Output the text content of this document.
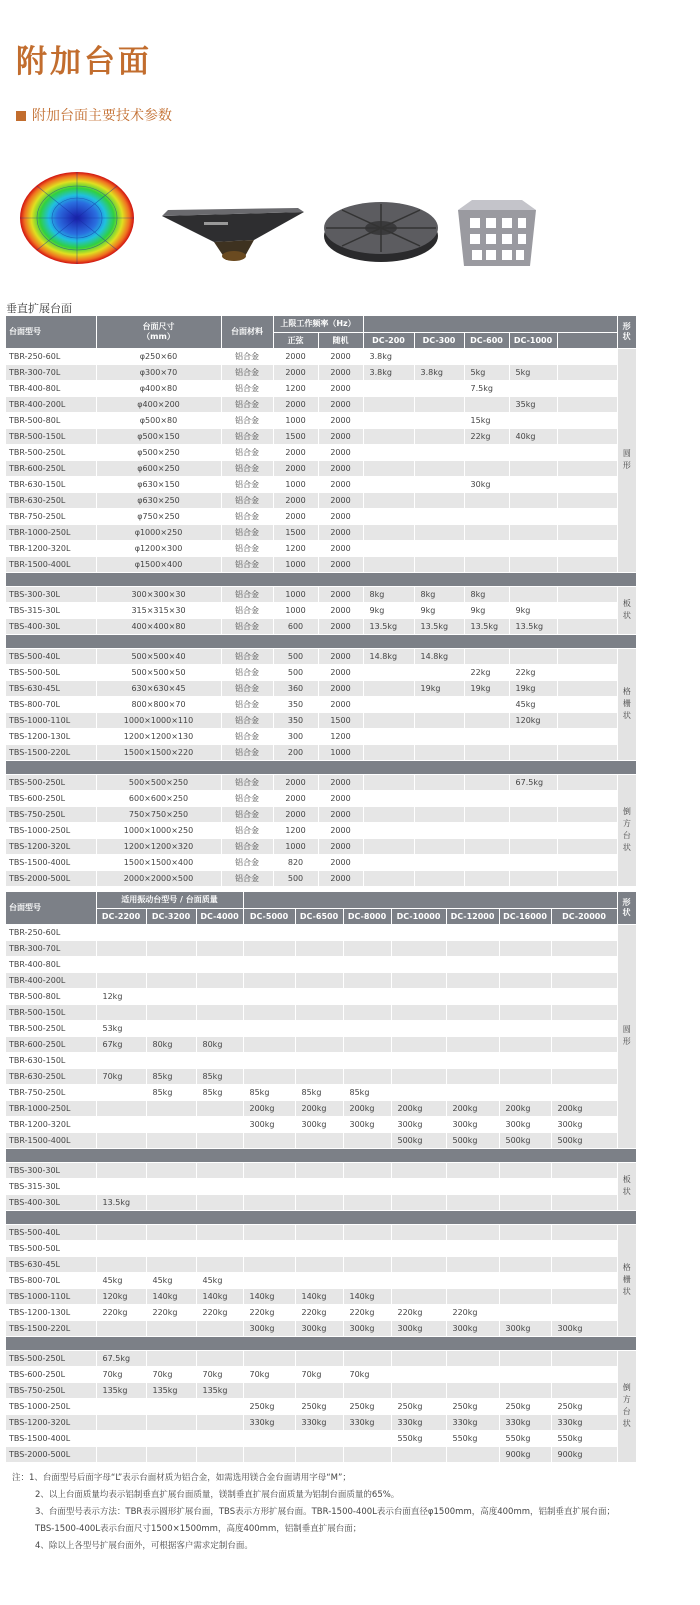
附加台面
附加台面主要技术参数
垂直扩展台面
台面型号	台面尺寸
（mm）	台面材料	上限工作频率（Hz）							形
状
			正弦	随机	DC-200	DC-300	DC-600	DC-1000		
TBR-250-60L	φ250×60	铝合金	2000	2000	3.8kg					圆
形
TBR-300-70L	φ300×70	铝合金	2000	2000	3.8kg	3.8kg	5kg	5kg		
TBR-400-80L	φ400×80	铝合金	1200	2000			7.5kg			
TBR-400-200L	φ400×200	铝合金	2000	2000				35kg		
TBR-500-80L	φ500×80	铝合金	1000	2000			15kg			
TBR-500-150L	φ500×150	铝合金	1500	2000			22kg	40kg		
TBR-500-250L	φ500×250	铝合金	2000	2000						
TBR-600-250L	φ600×250	铝合金	2000	2000						
TBR-630-150L	φ630×150	铝合金	1000	2000			30kg			
TBR-630-250L	φ630×250	铝合金	2000	2000						
TBR-750-250L	φ750×250	铝合金	2000	2000						
TBR-1000-250L	φ1000×250	铝合金	1500	2000						
TBR-1200-320L	φ1200×300	铝合金	1200	2000						
TBR-1500-400L	φ1500×400	铝合金	1000	2000						

TBS-300-30L	300×300×30	铝合金	1000	2000	8kg	8kg	8kg			板
状
TBS-315-30L	315×315×30	铝合金	1000	2000	9kg	9kg	9kg	9kg		
TBS-400-30L	400×400×80	铝合金	600	2000	13.5kg	13.5kg	13.5kg	13.5kg		

TBS-500-40L	500×500×40	铝合金	500	2000	14.8kg	14.8kg				格
栅
状
TBS-500-50L	500×500×50	铝合金	500	2000			22kg	22kg		
TBS-630-45L	630×630×45	铝合金	360	2000		19kg	19kg	19kg		
TBS-800-70L	800×800×70	铝合金	350	2000				45kg		
TBS-1000-110L	1000×1000×110	铝合金	350	1500				120kg		
TBS-1200-130L	1200×1200×130	铝合金	300	1200						
TBS-1500-220L	1500×1500×220	铝合金	200	1000						

TBS-500-250L	500×500×250	铝合金	2000	2000				67.5kg		倒
方
台
状
TBS-600-250L	600×600×250	铝合金	2000	2000						
TBS-750-250L	750×750×250	铝合金	2000	2000						
TBS-1000-250L	1000×1000×250	铝合金	1200	2000						
TBS-1200-320L	1200×1200×320	铝合金	1000	2000						
TBS-1500-400L	1500×1500×400	铝合金	820	2000						
TBS-2000-500L	2000×2000×500	铝合金	500	2000						
台面型号	适用振动台型号 / 台面质量										形
状
	DC-2200	DC-3200	DC-4000	DC-5000	DC-6500	DC-8000	DC-10000	DC-12000	DC-16000	DC-20000	
TBR-250-60L											圆
形
TBR-300-70L											
TBR-400-80L											
TBR-400-200L											
TBR-500-80L	12kg										
TBR-500-150L											
TBR-500-250L	53kg										
TBR-600-250L	67kg	80kg	80kg								
TBR-630-150L											
TBR-630-250L	70kg	85kg	85kg								
TBR-750-250L		85kg	85kg	85kg	85kg	85kg					
TBR-1000-250L				200kg	200kg	200kg	200kg	200kg	200kg	200kg	
TBR-1200-320L				300kg	300kg	300kg	300kg	300kg	300kg	300kg	
TBR-1500-400L							500kg	500kg	500kg	500kg	

TBS-300-30L											板
状
TBS-315-30L											
TBS-400-30L	13.5kg										

TBS-500-40L											格
栅
状
TBS-500-50L											
TBS-630-45L											
TBS-800-70L	45kg	45kg	45kg								
TBS-1000-110L	120kg	140kg	140kg	140kg	140kg	140kg					
TBS-1200-130L	220kg	220kg	220kg	220kg	220kg	220kg	220kg	220kg			
TBS-1500-220L				300kg	300kg	300kg	300kg	300kg	300kg	300kg	

TBS-500-250L	67.5kg										倒
方
台
状
TBS-600-250L	70kg	70kg	70kg	70kg	70kg	70kg					
TBS-750-250L	135kg	135kg	135kg								
TBS-1000-250L				250kg	250kg	250kg	250kg	250kg	250kg	250kg	
TBS-1200-320L				330kg	330kg	330kg	330kg	330kg	330kg	330kg	
TBS-1500-400L							550kg	550kg	550kg	550kg	
TBS-2000-500L									900kg	900kg	
注：1、台面型号后面字母“L”表示台面材质为铝合金，如需选用镁合金台面请用字母“M”；
2、以上台面质量均表示铝制垂直扩展台面质量，镁制垂直扩展台面质量为铝制台面质量的65%。
3、台面型号表示方法：TBR表示圆形扩展台面，TBS表示方形扩展台面。TBR-1500-400L表示台面直径φ1500mm，高度400mm，铝制垂直扩展台面；
TBS-1500-400L表示台面尺寸1500×1500mm，高度400mm，铝制垂直扩展台面；
4、除以上各型号扩展台面外，可根据客户需求定制台面。
